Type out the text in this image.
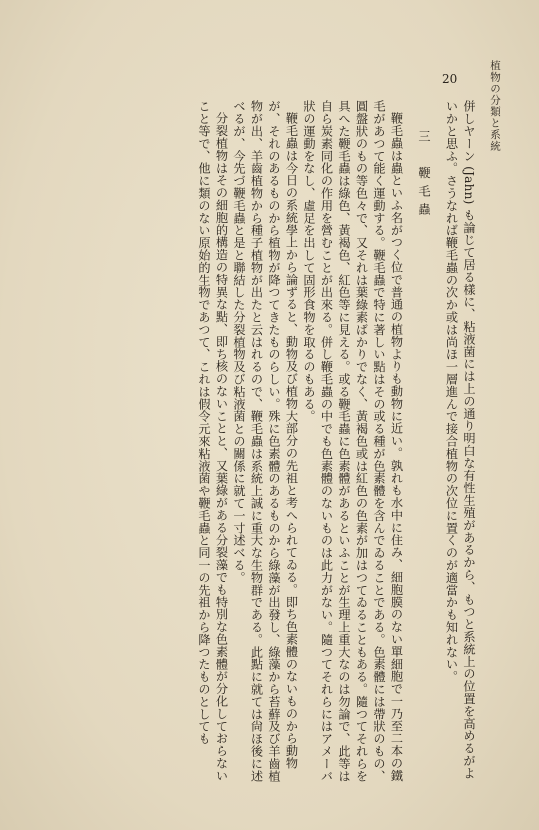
植物の分類と系統
20

併しヤーン (Jahn) も論じて居る樣に、粘液菌には上の通り明白な有性生殖があるから、もつと系統上の位置を高めるがよいかと思ふ。さうなれば鞭毛蟲の次か或は尚ほ一層進んで接合植物の次位に置くのが適當かも知れない。

三　鞭毛蟲

鞭毛蟲は蟲といふ名がつく位で普通の植物よりも動物に近い。孰れも水中に住み、細胞膜のない單細胞で一乃至二本の鐵毛があつて能く運動する。鞭毛蟲で特に著しい點はその或る種が色素體を含んでゐることである。色素體には帶狀のもの、圓盤狀のもの等色々で、又それは葉綠素ばかりでなく、黃褐色或は紅色の色素が加はつてゐることもある。隨つてそれらを具へた鞭毛蟲は綠色、黃褐色、紅色等に見える。或る鞭毛蟲に色素體があるといふことが生理上重大なのは勿論で、此等は自ら炭素同化の作用を營むことが出來る。併し鞭毛蟲の中でも色素體のないものは此力がない。隨つてそれらにはアメーバ狀の運動をなし、虛足を出して固形食物を取るのもある。

鞭毛蟲は今日の系統學上から論ずると、動物及び植物大部分の先祖と考へられてゐる。即ち色素體のないものから動物が、それのあるものから植物が降つてきたものらしい。殊に色素體のあるものから綠藻が出發し、綠藻から苔蘚及び羊齒植物が出、羊齒植物から種子植物が出たと云はれるので、鞭毛蟲は系統上誠に重大な生物群である。此點に就ては尙ほ後に述べるが、今先づ鞭毛蟲と是と聯結した分裂植物及び粘液菌との關係に就て一寸述べる。

分裂植物はその細胞的構造の特異な點、即ち核のないことと、又葉綠がある分裂藻でも特別な色素體が分化しておらないこと等で、他に類のない原始的生物であつて、これは假令元來粘液菌や鞭毛蟲と同一の先祖から降つたものとしても
